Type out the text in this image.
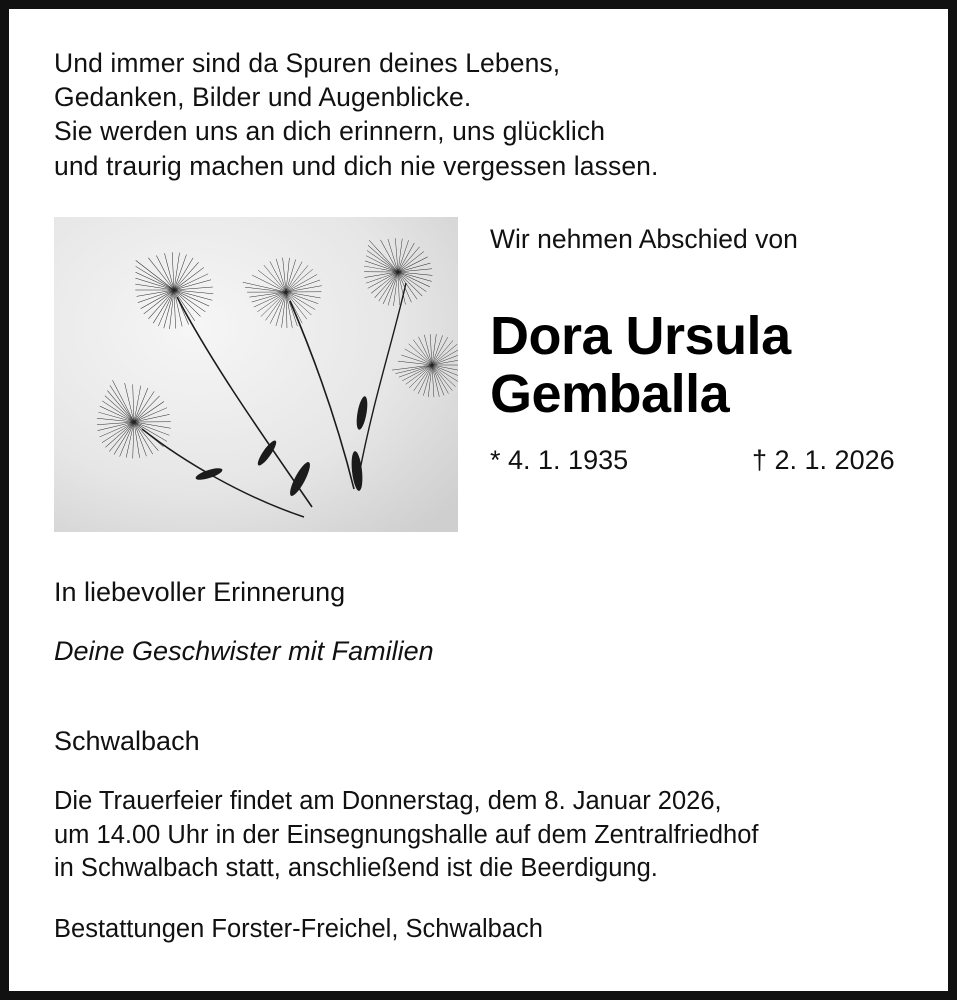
Und immer sind da Spuren deines Lebens,
Gedanken, Bilder und Augenblicke.
Sie werden uns an dich erinnern, uns glücklich
und traurig machen und dich nie vergessen lassen.
Wir nehmen Abschied von
Dora Ursula
Gemballa
* 4. 1. 1935	† 2. 1. 2026
In liebevoller Erinnerung
Deine Geschwister mit Familien
Schwalbach
Die Trauerfeier findet am Donnerstag, dem 8. Januar 2026,
um 14.00 Uhr in der Einsegnungshalle auf dem Zentralfriedhof
in Schwalbach statt, anschließend ist die Beerdigung.
Bestattungen Forster-Freichel, Schwalbach
